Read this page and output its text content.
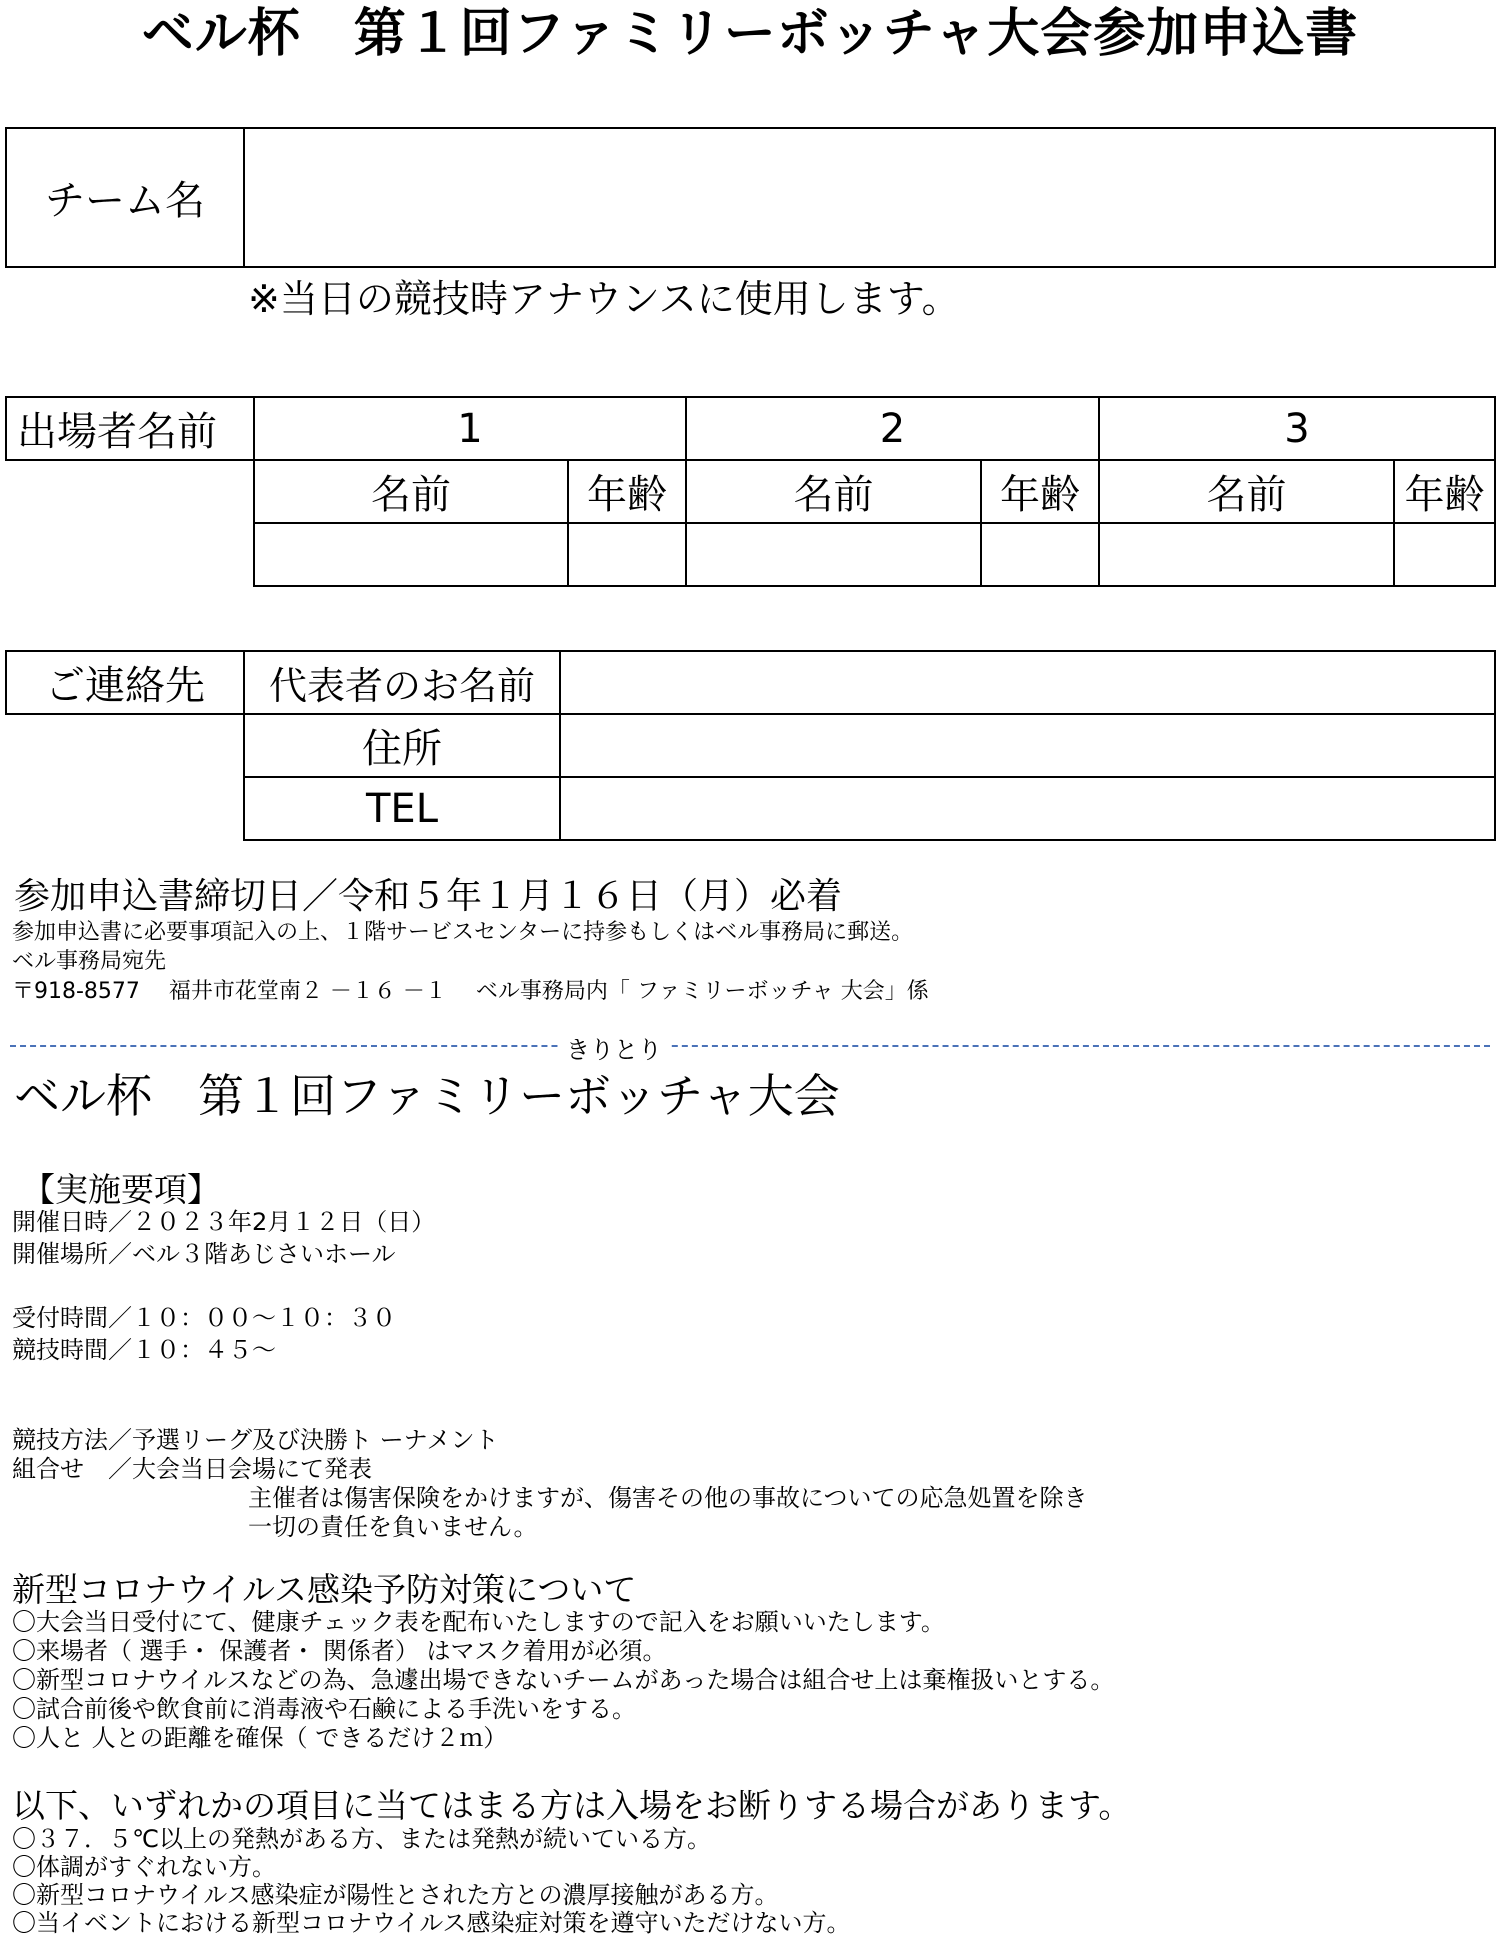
ベル杯　第１回ファミリーボッチャ大会参加申込書
チーム名	
※当日の競技時アナウンスに使用します。
出場者名前	1		2		3	
	名前	年齢	名前	年齢	名前	年齢

ご連絡先	代表者のお名前	
	住所	
	TEL	
参加申込書締切日／令和５年１月１６日（月）必着
参加申込書に必要事項記入の上、１階サービスセンターに持参もしくはベル事務局に郵送。
ベル事務局宛先
〒918-8577　 福井市花堂南２ －１６ －１　 ベル事務局内「 ファミリーボッチャ 大会」係
きりとり
ベル杯　第１回ファミリーボッチャ大会
【実施要項】
開催日時／２０２３年2月１２日（日）
開催場所／ベル３階あじさいホール
受付時間／１０：００～１０：３０
競技時間／１０：４５～
競技方法／予選リーグ及び決勝ト ーナメント
組合せ　／大会当日会場にて発表
主催者は傷害保険をかけますが、傷害その他の事故についての応急処置を除き
一切の責任を負いません。
新型コロナウイルス感染予防対策について
〇大会当日受付にて、健康チェック表を配布いたしますので記入をお願いいたします。
〇来場者（ 選手・ 保護者・ 関係者） はマスク着用が必須。
〇新型コロナウイルスなどの為、急遽出場できないチームがあった場合は組合せ上は棄権扱いとする。
〇試合前後や飲食前に消毒液や石鹸による手洗いをする。
〇人と 人との距離を確保（ できるだけ２ｍ）
以下、いずれかの項目に当てはまる方は入場をお断りする場合があります。
〇３７．５℃以上の発熱がある方、または発熱が続いている方。
〇体調がすぐれない方。
〇新型コロナウイルス感染症が陽性とされた方との濃厚接触がある方。
〇当イベントにおける新型コロナウイルス感染症対策を遵守いただけない方。
